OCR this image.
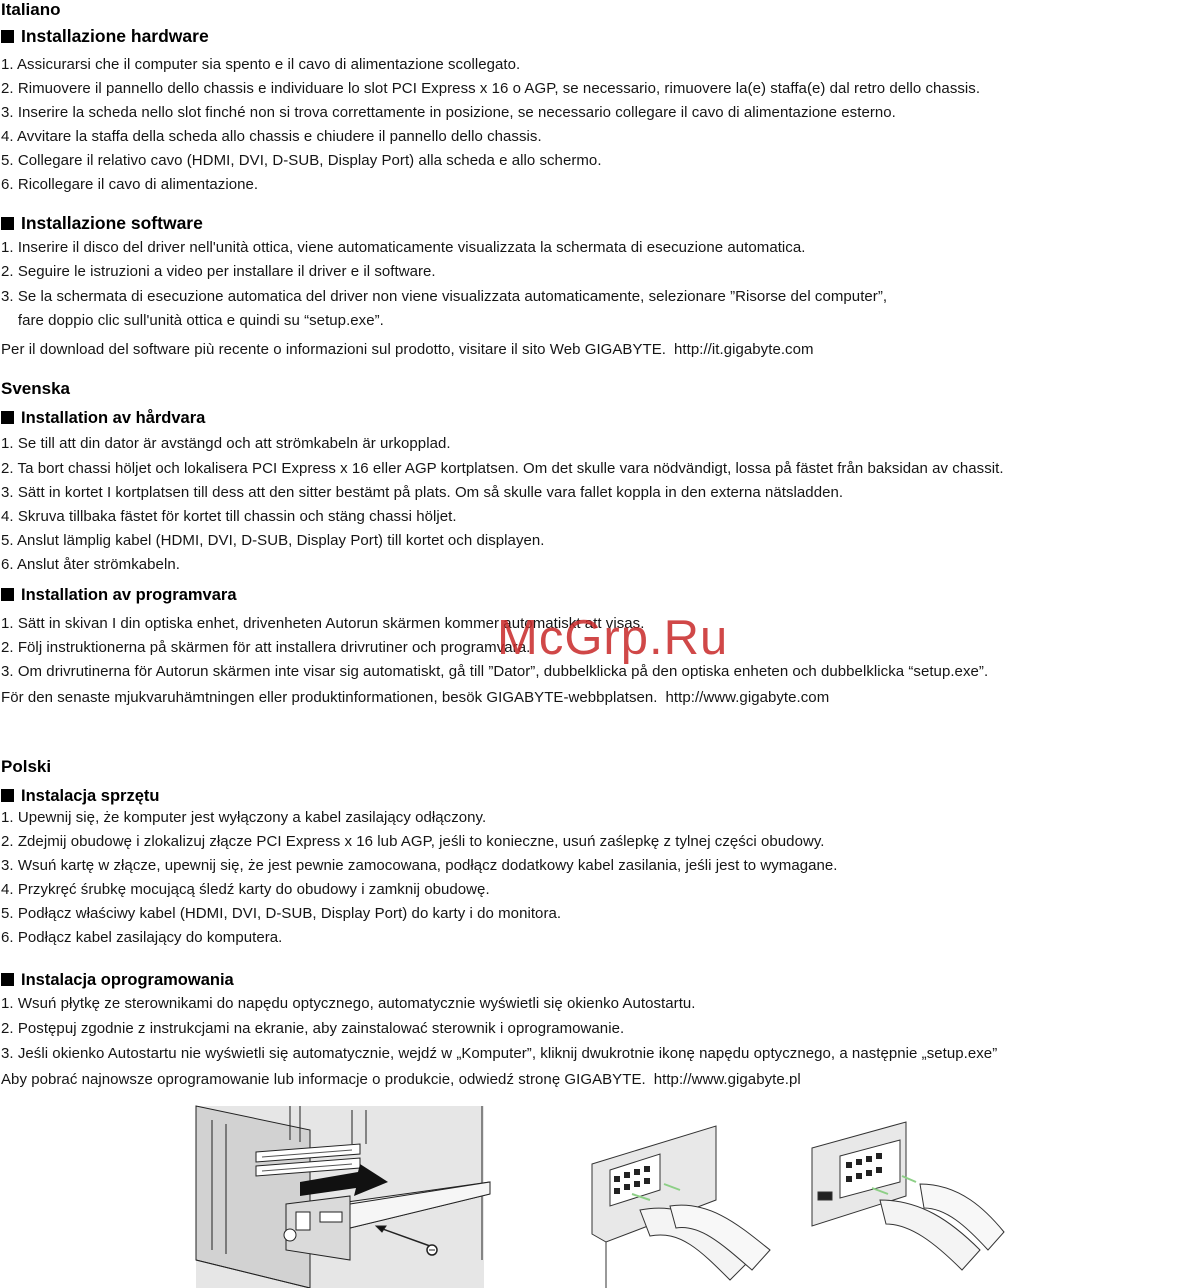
Italiano
Installazione hardware
1. Assicurarsi che il computer sia spento e il cavo di alimentazione scollegato.
2. Rimuovere il pannello dello chassis e individuare lo slot PCI Express x 16 o AGP, se necessario, rimuovere la(e) staffa(e) dal retro dello chassis.
3. Inserire la scheda nello slot finché non si trova correttamente in posizione, se necessario collegare il cavo di alimentazione esterno.
4. Avvitare la staffa della scheda allo chassis e chiudere il pannello dello chassis.
5. Collegare il relativo cavo (HDMI, DVI, D-SUB, Display Port) alla scheda e allo schermo.
6. Ricollegare il cavo di alimentazione.
Installazione software
1. Inserire il disco del driver nell'unità ottica, viene automaticamente visualizzata la schermata di esecuzione automatica.
2. Seguire le istruzioni a video per installare il driver e il software.
3. Se la schermata di esecuzione automatica del driver non viene visualizzata automaticamente, selezionare ”Risorse del computer”,
fare doppio clic sull'unità ottica e quindi su “setup.exe”.
Per il download del software più recente o informazioni sul prodotto, visitare il sito Web GIGABYTE. http://it.gigabyte.com
Svenska
Installation av hårdvara
1. Se till att din dator är avstängd och att strömkabeln är urkopplad.
2. Ta bort chassi höljet och lokalisera PCI Express x 16 eller AGP kortplatsen. Om det skulle vara nödvändigt, lossa på fästet från baksidan av chassit.
3. Sätt in kortet I kortplatsen till dess att den sitter bestämt på plats. Om så skulle vara fallet koppla in den externa nätsladden.
4. Skruva tillbaka fästet för kortet till chassin och stäng chassi höljet.
5. Anslut lämplig kabel (HDMI, DVI, D-SUB, Display Port) till kortet och displayen.
6. Anslut åter strömkabeln.
Installation av programvara
1. Sätt in skivan I din optiska enhet, drivenheten Autorun skärmen kommer automatiskt att visas.
2. Följ instruktionerna på skärmen för att installera drivrutiner och programvara.
3. Om drivrutinerna för Autorun skärmen inte visar sig automatiskt, gå till ”Dator”, dubbelklicka på den optiska enheten och dubbelklicka “setup.exe”.
För den senaste mjukvaruhämtningen eller produktinformationen, besök GIGABYTE-webbplatsen. http://www.gigabyte.com
Polski
Instalacja sprzętu
1. Upewnij się, że komputer jest wyłączony a kabel zasilający odłączony.
2. Zdejmij obudowę i zlokalizuj złącze PCI Express x 16 lub AGP, jeśli to konieczne, usuń zaślepkę z tylnej części obudowy.
3. Wsuń kartę w złącze, upewnij się, że jest pewnie zamocowana, podłącz dodatkowy kabel zasilania, jeśli jest to wymagane.
4. Przykręć śrubkę mocującą śledź karty do obudowy i zamknij obudowę.
5. Podłącz właściwy kabel (HDMI, DVI, D-SUB, Display Port) do karty i do monitora.
6. Podłącz kabel zasilający do komputera.
Instalacja oprogramowania
1. Wsuń płytkę ze sterownikami do napędu optycznego, automatycznie wyświetli się okienko Autostartu.
2. Postępuj zgodnie z instrukcjami na ekranie, aby zainstalować sterownik i oprogramowanie.
3. Jeśli okienko Autostartu nie wyświetli się automatycznie, wejdź w „Komputer”, kliknij dwukrotnie ikonę napędu optycznego, a następnie „setup.exe”
Aby pobrać najnowsze oprogramowanie lub informacje o produkcie, odwiedź stronę GIGABYTE. http://www.gigabyte.pl
McGrp.Ru
